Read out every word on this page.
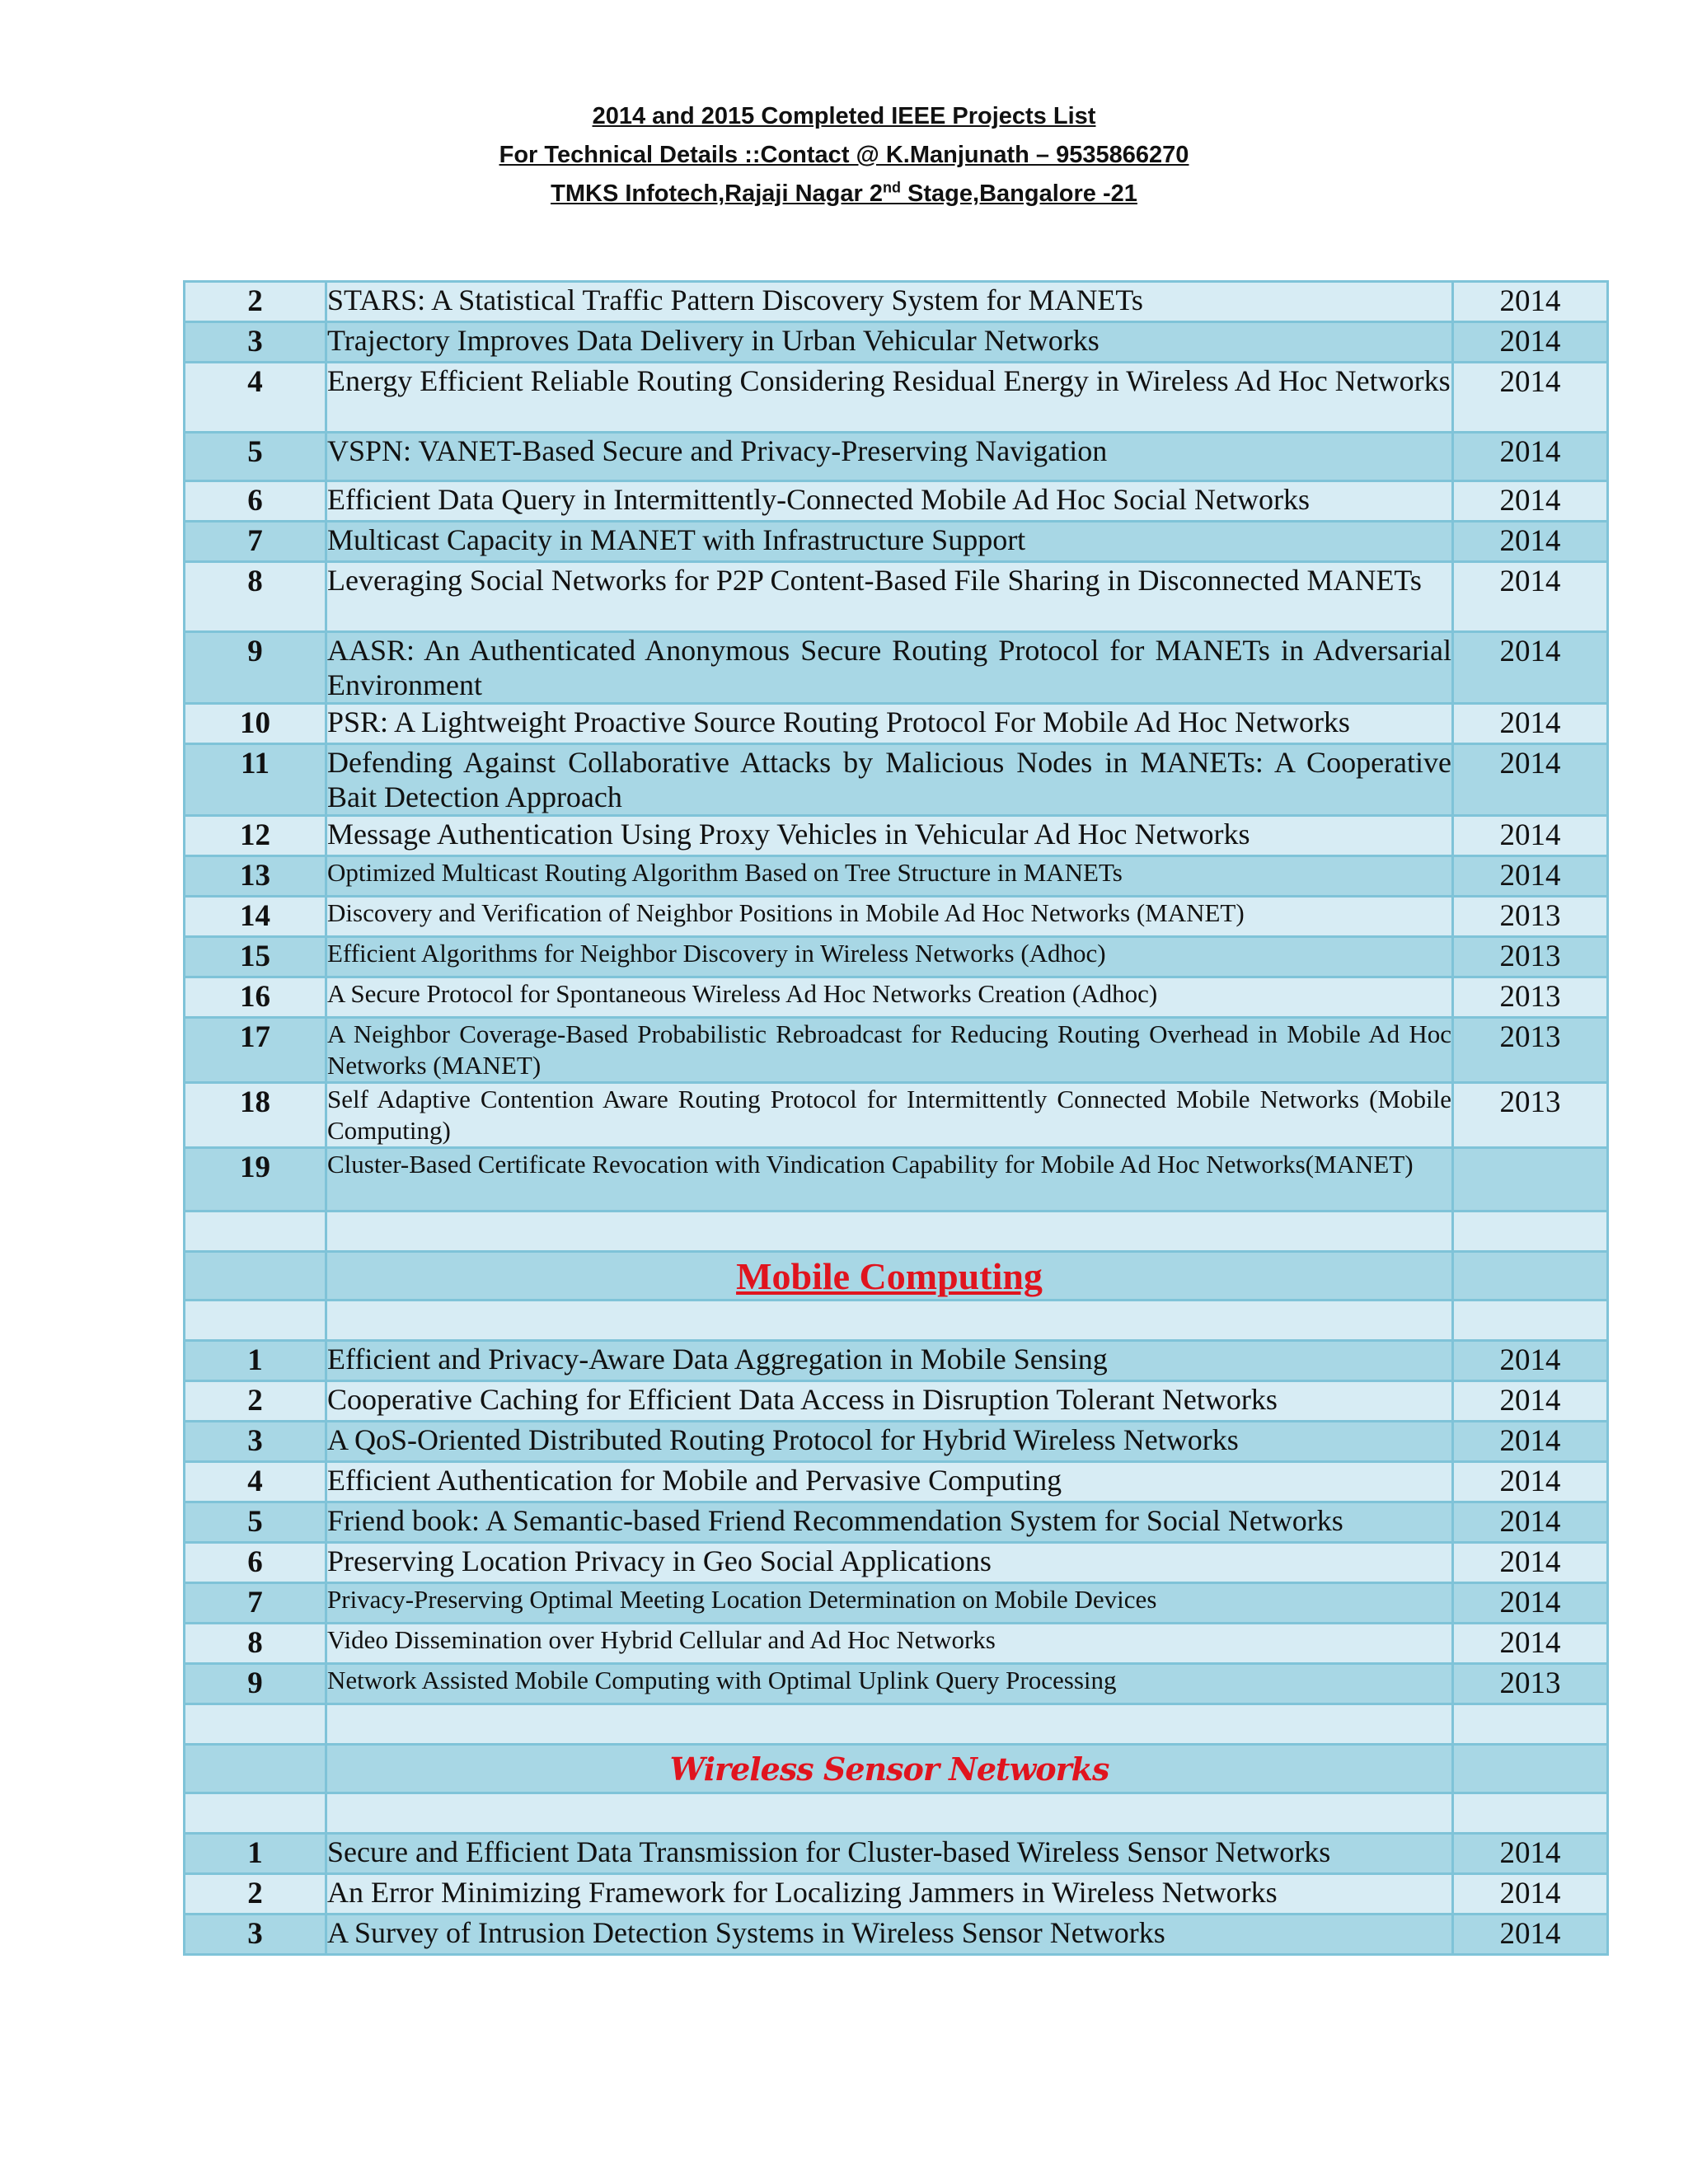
2014 and 2015 Completed IEEE Projects List
For Technical Details ::Contact @ K.Manjunath – 9535866270
TMKS Infotech,Rajaji Nagar 2nd Stage,Bangalore -21
2	STARS: A Statistical Traffic Pattern Discovery System for MANETs	2014
3	Trajectory Improves Data Delivery in Urban Vehicular Networks	2014
4	Energy Efficient Reliable Routing Considering Residual Energy in Wireless Ad Hoc Networks	2014
5	VSPN: VANET-Based Secure and Privacy-Preserving Navigation	2014
6	Efficient Data Query in Intermittently-Connected Mobile Ad Hoc Social Networks	2014
7	Multicast Capacity in MANET with Infrastructure Support	2014
8	Leveraging Social Networks for P2P Content-Based File Sharing in Disconnected MANETs	2014
9	AASR: An Authenticated Anonymous Secure Routing Protocol for MANETs in Adversarial Environment	2014
10	PSR: A Lightweight Proactive Source Routing Protocol For Mobile Ad Hoc Networks	2014
11	Defending Against Collaborative Attacks by Malicious Nodes in MANETs: A Cooperative Bait Detection Approach	2014
12	Message Authentication Using Proxy Vehicles in Vehicular Ad Hoc Networks	2014
13	Optimized Multicast Routing Algorithm Based on Tree Structure in MANETs	2014
14	Discovery and Verification of Neighbor Positions in Mobile Ad Hoc Networks (MANET)	2013
15	Efficient Algorithms for Neighbor Discovery in Wireless Networks (Adhoc)	2013
16	A Secure Protocol for Spontaneous Wireless Ad Hoc Networks Creation (Adhoc)	2013
17	A Neighbor Coverage-Based Probabilistic Rebroadcast for Reducing Routing Overhead in Mobile Ad Hoc Networks (MANET)	2013
18	Self Adaptive Contention Aware Routing Protocol for Intermittently Connected Mobile Networks (Mobile Computing)	2013
19	Cluster-Based Certificate Revocation with Vindication Capability for Mobile Ad Hoc Networks(MANET)	

	Mobile Computing	

1	Efficient and Privacy-Aware Data Aggregation in Mobile Sensing	2014
2	Cooperative Caching for Efficient Data Access in Disruption Tolerant Networks	2014
3	A QoS-Oriented Distributed Routing Protocol for Hybrid Wireless Networks	2014
4	Efficient Authentication for Mobile and Pervasive Computing	2014
5	Friend book: A Semantic-based Friend Recommendation System for Social Networks	2014
6	Preserving Location Privacy in Geo Social Applications	2014
7	Privacy-Preserving Optimal Meeting Location Determination on Mobile Devices	2014
8	Video Dissemination over Hybrid Cellular and Ad Hoc Networks	2014
9	Network Assisted Mobile Computing with Optimal Uplink Query Processing	2013

	Wireless Sensor Networks	

1	Secure and Efficient Data Transmission for Cluster-based Wireless Sensor Networks	2014
2	An Error Minimizing Framework for Localizing Jammers in Wireless Networks	2014
3	A Survey of Intrusion Detection Systems in Wireless Sensor Networks	2014
